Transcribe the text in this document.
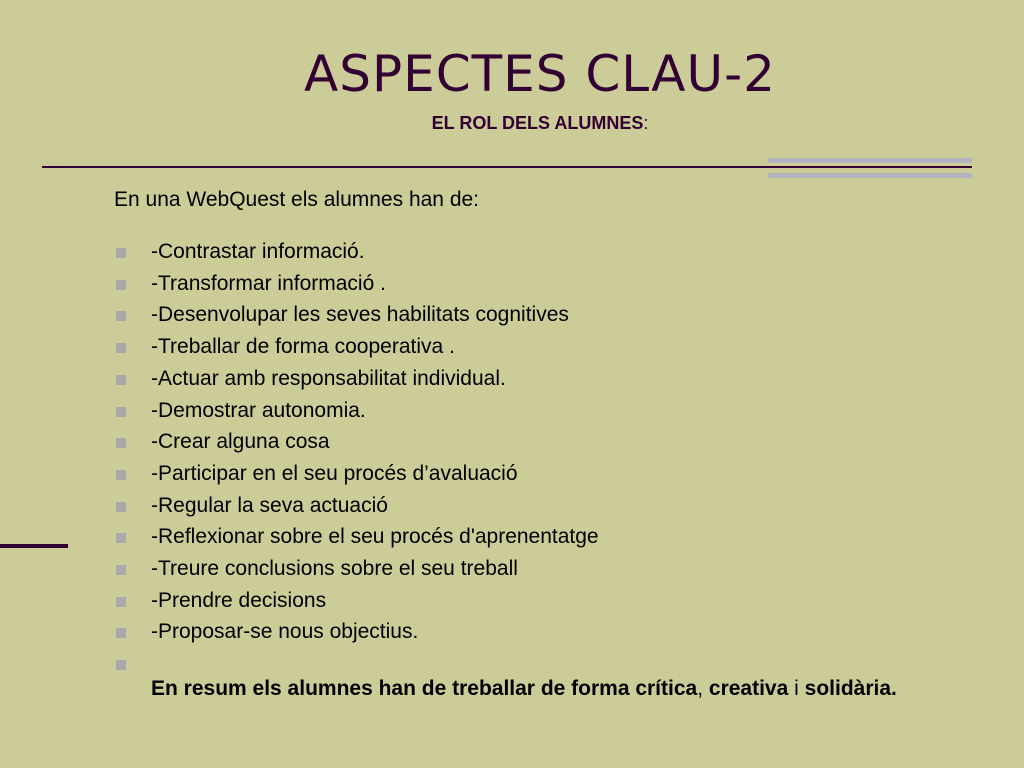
ASPECTES CLAU-2
EL ROL DELS ALUMNES:
En una WebQuest els alumnes han de:
-Contrastar informació.
-Transformar informació .
-Desenvolupar les seves habilitats cognitives
-Treballar de forma cooperativa .
-Actuar amb responsabilitat individual.
-Demostrar autonomia.
-Crear alguna cosa
-Participar en el seu procés d’avaluació
-Regular la seva actuació
-Reflexionar sobre el seu procés d'aprenentatge
-Treure conclusions sobre el seu treball
-Prendre decisions
-Proposar-se nous objectius.
En resum els alumnes han de treballar de forma crítica, creativa i solidària.
